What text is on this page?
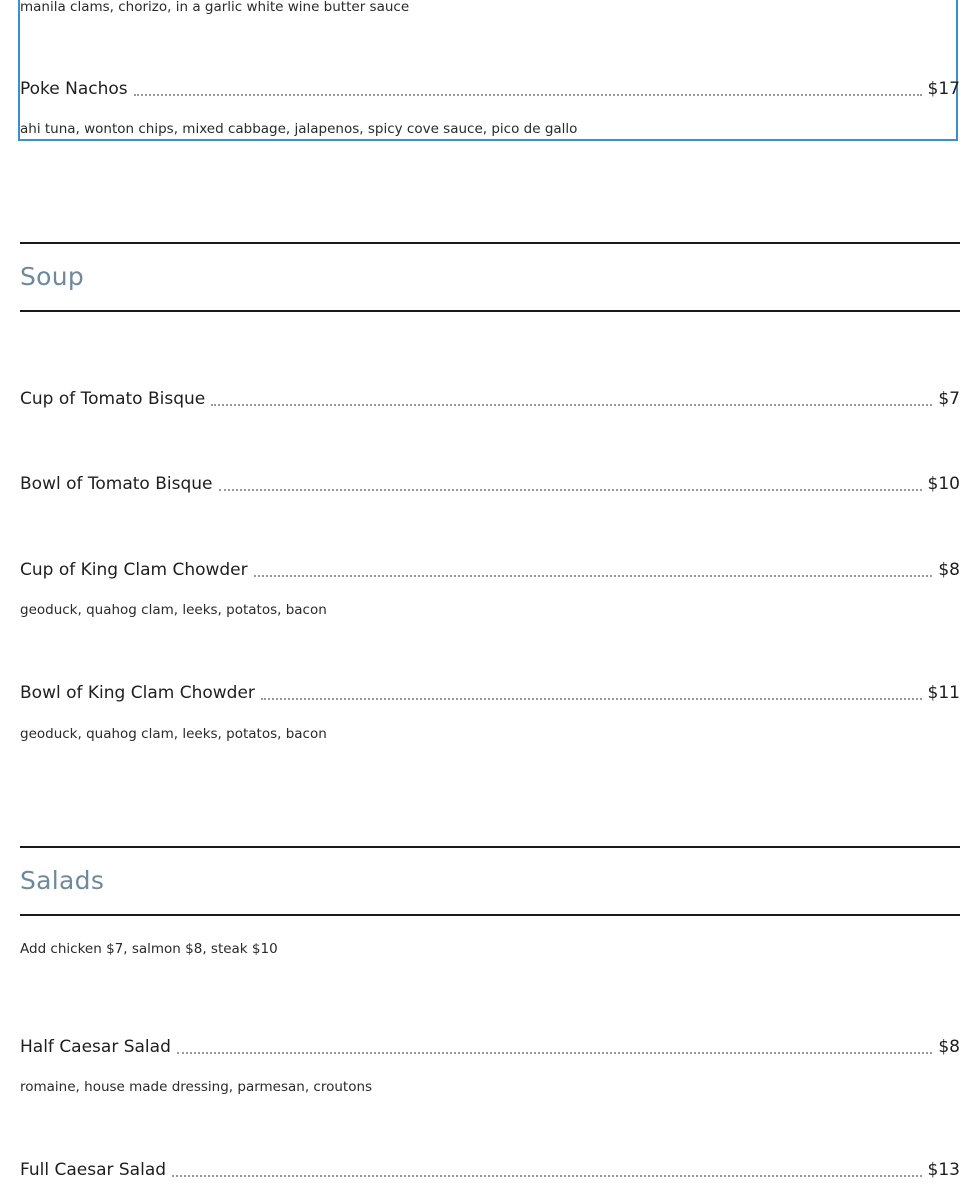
manila clams, chorizo, in a garlic white wine butter sauce
Poke Nachos	$17
ahi tuna, wonton chips, mixed cabbage, jalapenos, spicy cove sauce, pico de gallo
Soup
Cup of Tomato Bisque	$7
Bowl of Tomato Bisque	$10
Cup of King Clam Chowder	$8
geoduck, quahog clam, leeks, potatos, bacon
Bowl of King Clam Chowder	$11
geoduck, quahog clam, leeks, potatos, bacon
Salads
Add chicken $7, salmon $8, steak $10
Half Caesar Salad	$8
romaine, house made dressing, parmesan, croutons
Full Caesar Salad	$13
